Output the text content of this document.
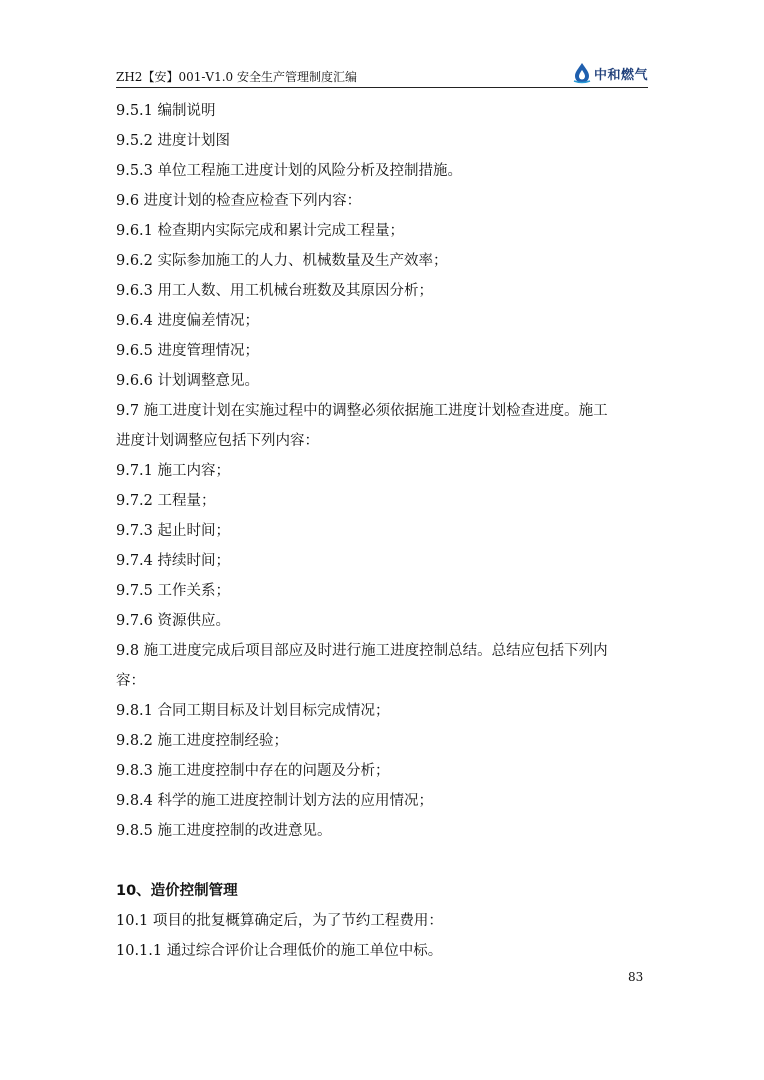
ZH2【安】001-V1.0 安全生产管理制度汇编	中和燃气
9.5.1 编制说明
9.5.2 进度计划图
9.5.3 单位工程施工进度计划的风险分析及控制措施。
9.6 进度计划的检查应检查下列内容：
9.6.1 检查期内实际完成和累计完成工程量；
9.6.2 实际参加施工的人力、机械数量及生产效率；
9.6.3 用工人数、用工机械台班数及其原因分析；
9.6.4 进度偏差情况；
9.6.5 进度管理情况；
9.6.6 计划调整意见。
9.7 施工进度计划在实施过程中的调整必须依据施工进度计划检查进度。施工
进度计划调整应包括下列内容：
9.7.1 施工内容；
9.7.2 工程量；
9.7.3 起止时间；
9.7.4 持续时间；
9.7.5 工作关系；
9.7.6 资源供应。
9.8 施工进度完成后项目部应及时进行施工进度控制总结。总结应包括下列内
容：
9.8.1 合同工期目标及计划目标完成情况；
9.8.2 施工进度控制经验；
9.8.3 施工进度控制中存在的问题及分析；
9.8.4 科学的施工进度控制计划方法的应用情况；
9.8.5 施工进度控制的改进意见。
10、造价控制管理
10.1 项目的批复概算确定后，为了节约工程费用：
10.1.1 通过综合评价让合理低价的施工单位中标。
83
